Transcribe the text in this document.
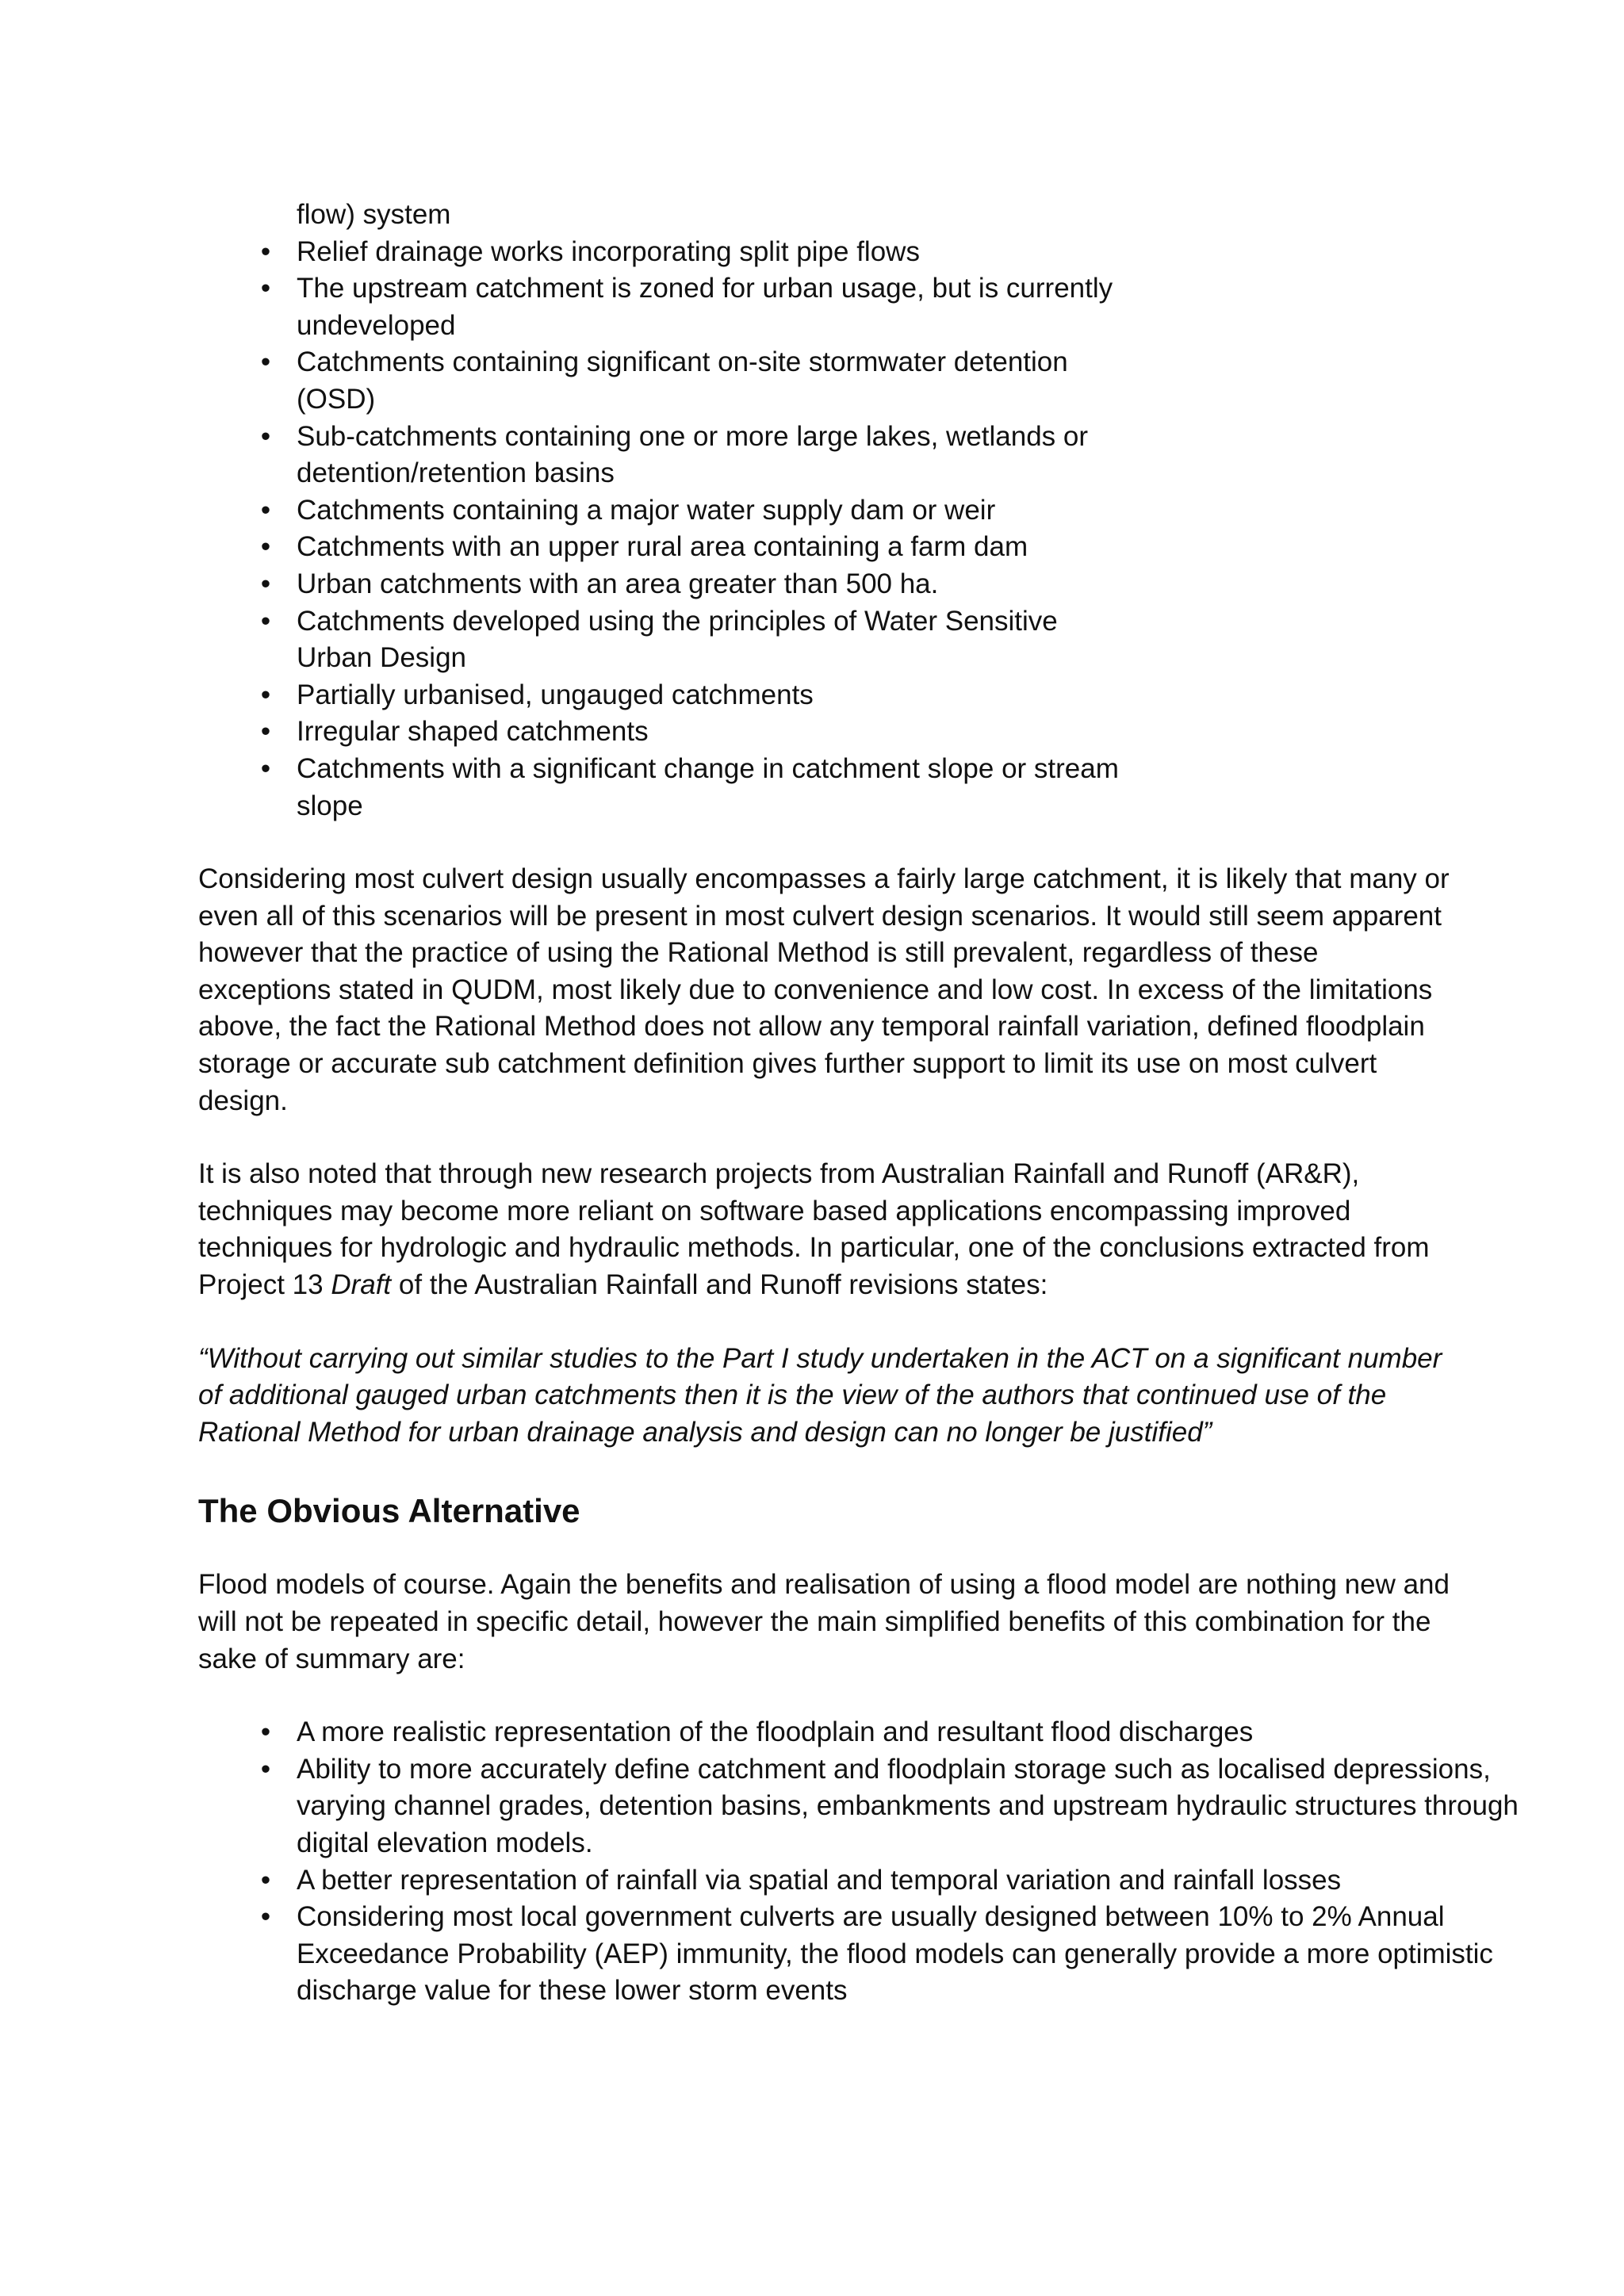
flow) system
• Relief drainage works incorporating split pipe flows
• The upstream catchment is zoned for urban usage, but is currently undeveloped
• Catchments containing significant on-site stormwater detention (OSD)
• Sub-catchments containing one or more large lakes, wetlands or detention/retention basins
• Catchments containing a major water supply dam or weir
• Catchments with an upper rural area containing a farm dam
• Urban catchments with an area greater than 500 ha.
• Catchments developed using the principles of Water Sensitive Urban Design
• Partially urbanised, ungauged catchments
• Irregular shaped catchments
• Catchments with a significant change in catchment slope or stream slope

Considering most culvert design usually encompasses a fairly large catchment, it is likely that many or even all of this scenarios will be present in most culvert design scenarios. It would still seem apparent however that the practice of using the Rational Method is still prevalent, regardless of these exceptions stated in QUDM, most likely due to convenience and low cost. In excess of the limitations above, the fact the Rational Method does not allow any temporal rainfall variation, defined floodplain storage or accurate sub catchment definition gives further support to limit its use on most culvert design.

It is also noted that through new research projects from Australian Rainfall and Runoff (AR&R), techniques may become more reliant on software based applications encompassing improved techniques for hydrologic and hydraulic methods. In particular, one of the conclusions extracted from Project 13 Draft of the Australian Rainfall and Runoff revisions states:

“Without carrying out similar studies to the Part I study undertaken in the ACT on a significant number of additional gauged urban catchments then it is the view of the authors that continued use of the Rational Method for urban drainage analysis and design can no longer be justified”

The Obvious Alternative

Flood models of course. Again the benefits and realisation of using a flood model are nothing new and will not be repeated in specific detail, however the main simplified benefits of this combination for the sake of summary are:

• A more realistic representation of the floodplain and resultant flood discharges
• Ability to more accurately define catchment and floodplain storage such as localised depressions, varying channel grades, detention basins, embankments and upstream hydraulic structures through digital elevation models.
• A better representation of rainfall via spatial and temporal variation and rainfall losses
• Considering most local government culverts are usually designed between 10% to 2% Annual Exceedance Probability (AEP) immunity, the flood models can generally provide a more optimistic discharge value for these lower storm events
